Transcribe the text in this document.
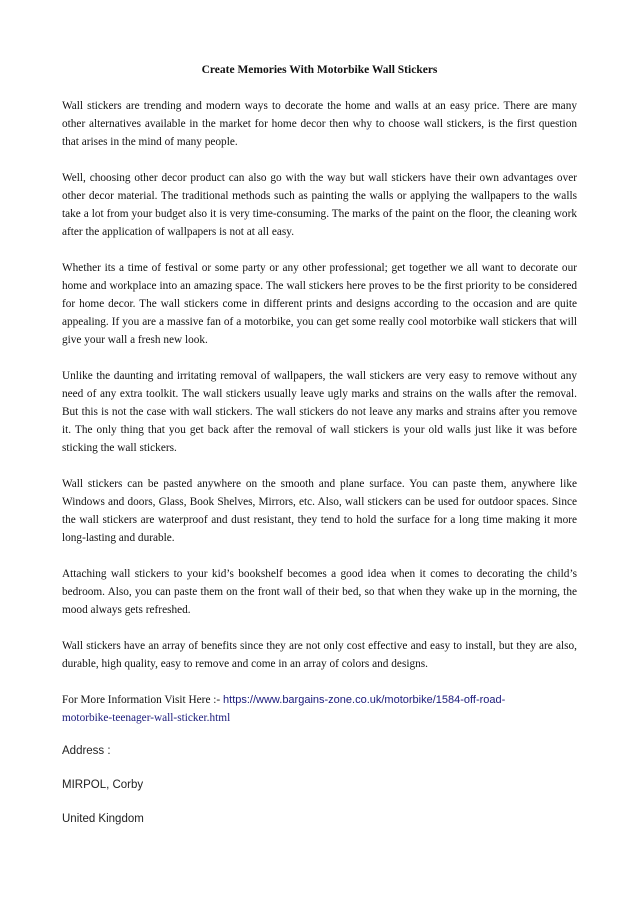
Create Memories With Motorbike Wall Stickers

Wall stickers are trending and modern ways to decorate the home and walls at an easy price. There are many other alternatives available in the market for home decor then why to choose wall stickers, is the first question that arises in the mind of many people.

Well, choosing other decor product can also go with the way but wall stickers have their own advantages over other decor material. The traditional methods such as painting the walls or applying the wallpapers to the walls take a lot from your budget also it is very time-consuming. The marks of the paint on the floor, the cleaning work after the application of wallpapers is not at all easy.

Whether its a time of festival or some party or any other professional; get together we all want to decorate our home and workplace into an amazing space. The wall stickers here proves to be the first priority to be considered for home decor. The wall stickers come in different prints and designs according to the occasion and are quite appealing. If you are a massive fan of a motorbike, you can get some really cool motorbike wall stickers that will give your wall a fresh new look.

Unlike the daunting and irritating removal of wallpapers, the wall stickers are very easy to remove without any need of any extra toolkit. The wall stickers usually leave ugly marks and strains on the walls after the removal. But this is not the case with wall stickers. The wall stickers do not leave any marks and strains after you remove it. The only thing that you get back after the removal of wall stickers is your old walls just like it was before sticking the wall stickers.

Wall stickers can be pasted anywhere on the smooth and plane surface. You can paste them, anywhere like Windows and doors, Glass, Book Shelves, Mirrors, etc. Also, wall stickers can be used for outdoor spaces. Since the wall stickers are waterproof and dust resistant, they tend to hold the surface for a long time making it more long-lasting and durable.

Attaching wall stickers to your kid’s bookshelf becomes a good idea when it comes to decorating the child’s bedroom. Also, you can paste them on the front wall of their bed, so that when they wake up in the morning, the mood always gets refreshed.

Wall stickers have an array of benefits since they are not only cost effective and easy to install, but they are also, durable, high quality, easy to remove and come in an array of colors and designs.

For More Information Visit Here :- https://www.bargains-zone.co.uk/motorbike/1584-off-road-
motorbike-teenager-wall-sticker.html

Address :

MIRPOL, Corby

United Kingdom
